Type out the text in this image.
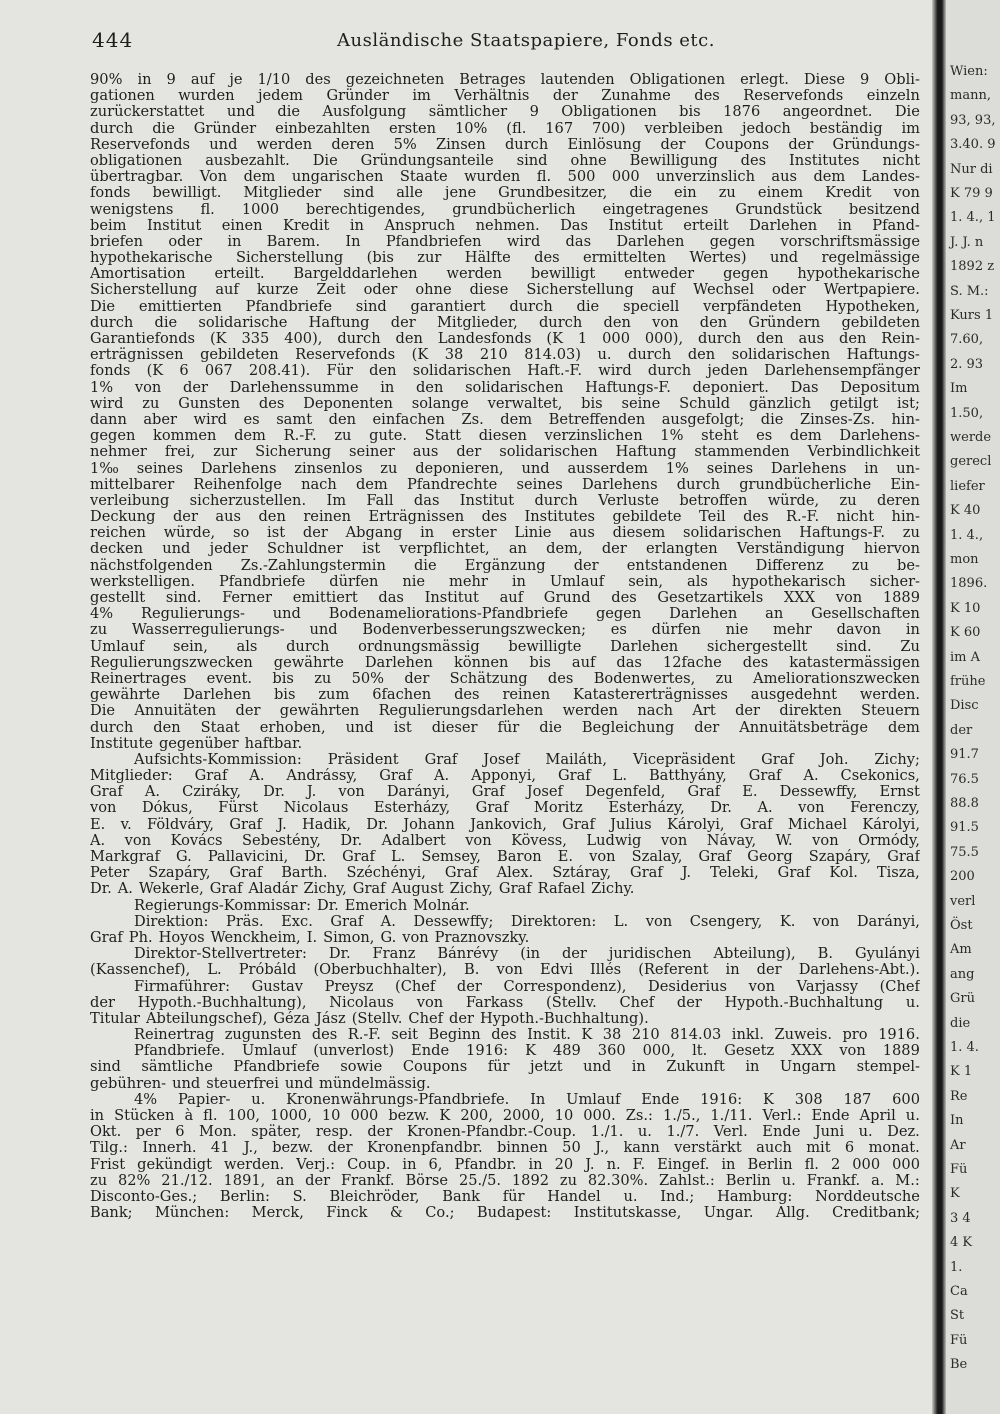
444	Ausländische Staatspapiere, Fonds etc.
90% in 9 auf je 1/10 des gezeichneten Betrages lautenden Obligationen erlegt. Diese 9 Obli-
gationen wurden jedem Gründer im Verhältnis der Zunahme des Reservefonds einzeln
zurückerstattet und die Ausfolgung sämtlicher 9 Obligationen bis 1876 angeordnet. Die
durch die Gründer einbezahlten ersten 10% (fl. 167 700) verbleiben jedoch beständig im
Reservefonds und werden deren 5% Zinsen durch Einlösung der Coupons der Gründungs-
obligationen ausbezahlt. Die Gründungsanteile sind ohne Bewilligung des Institutes nicht
übertragbar. Von dem ungarischen Staate wurden fl. 500 000 unverzinslich aus dem Landes-
fonds bewilligt. Mitglieder sind alle jene Grundbesitzer, die ein zu einem Kredit von
wenigstens fl. 1000 berechtigendes, grundbücherlich eingetragenes Grundstück besitzend
beim Institut einen Kredit in Anspruch nehmen. Das Institut erteilt Darlehen in Pfand-
briefen oder in Barem. In Pfandbriefen wird das Darlehen gegen vorschriftsmässige
hypothekarische Sicherstellung (bis zur Hälfte des ermittelten Wertes) und regelmässige
Amortisation erteilt. Bargelddarlehen werden bewilligt entweder gegen hypothekarische
Sicherstellung auf kurze Zeit oder ohne diese Sicherstellung auf Wechsel oder Wertpapiere.
Die emittierten Pfandbriefe sind garantiert durch die speciell verpfändeten Hypotheken,
durch die solidarische Haftung der Mitglieder, durch den von den Gründern gebildeten
Garantiefonds (K 335 400), durch den Landesfonds (K 1 000 000), durch den aus den Rein-
erträgnissen gebildeten Reservefonds (K 38 210 814.03) u. durch den solidarischen Haftungs-
fonds (K 6 067 208.41). Für den solidarischen Haft.-F. wird durch jeden Darlehensempfänger
1% von der Darlehenssumme in den solidarischen Haftungs-F. deponiert. Das Depositum
wird zu Gunsten des Deponenten solange verwaltet, bis seine Schuld gänzlich getilgt ist;
dann aber wird es samt den einfachen Zs. dem Betreffenden ausgefolgt; die Zinses-Zs. hin-
gegen kommen dem R.-F. zu gute. Statt diesen verzinslichen 1% steht es dem Darlehens-
nehmer frei, zur Sicherung seiner aus der solidarischen Haftung stammenden Verbindlichkeit
1‰ seines Darlehens zinsenlos zu deponieren, und ausserdem 1% seines Darlehens in un-
mittelbarer Reihenfolge nach dem Pfandrechte seines Darlehens durch grundbücherliche Ein-
verleibung sicherzustellen. Im Fall das Institut durch Verluste betroffen würde, zu deren
Deckung der aus den reinen Erträgnissen des Institutes gebildete Teil des R.-F. nicht hin-
reichen würde, so ist der Abgang in erster Linie aus diesem solidarischen Haftungs-F. zu
decken und jeder Schuldner ist verpflichtet, an dem, der erlangten Verständigung hiervon
nächstfolgenden Zs.-Zahlungstermin die Ergänzung der entstandenen Differenz zu be-
werkstelligen. Pfandbriefe dürfen nie mehr in Umlauf sein, als hypothekarisch sicher-
gestellt sind. Ferner emittiert das Institut auf Grund des Gesetzartikels XXX von 1889
4% Regulierungs- und Bodenameliorations-Pfandbriefe gegen Darlehen an Gesellschaften
zu Wasserregulierungs- und Bodenverbesserungszwecken; es dürfen nie mehr davon in
Umlauf sein, als durch ordnungsmässig bewilligte Darlehen sichergestellt sind. Zu
Regulierungszwecken gewährte Darlehen können bis auf das 12fache des katastermässigen
Reinertrages event. bis zu 50% der Schätzung des Bodenwertes, zu Ameliorationszwecken
gewährte Darlehen bis zum 6fachen des reinen Katastererträgnisses ausgedehnt werden.
Die Annuitäten der gewährten Regulierungsdarlehen werden nach Art der direkten Steuern
durch den Staat erhoben, und ist dieser für die Begleichung der Annuitätsbeträge dem
Institute gegenüber haftbar.
Aufsichts-Kommission: Präsident Graf Josef Mailáth, Vicepräsident Graf Joh. Zichy;
Mitglieder: Graf A. Andrássy, Graf A. Apponyi, Graf L. Batthyány, Graf A. Csekonics,
Graf A. Cziráky, Dr. J. von Darányi, Graf Josef Degenfeld, Graf E. Dessewffy, Ernst
von Dókus, Fürst Nicolaus Esterházy, Graf Moritz Esterházy, Dr. A. von Ferenczy,
E. v. Földváry, Graf J. Hadik, Dr. Johann Jankovich, Graf Julius Károlyi, Graf Michael Károlyi,
A. von Kovács Sebestény, Dr. Adalbert von Kövess, Ludwig von Návay, W. von Ormódy,
Markgraf G. Pallavicini, Dr. Graf L. Semsey, Baron E. von Szalay, Graf Georg Szapáry, Graf
Peter Szapáry, Graf Barth. Széchényi, Graf Alex. Sztáray, Graf J. Teleki, Graf Kol. Tisza,
Dr. A. Wekerle, Graf Aladár Zichy, Graf August Zichy, Graf Rafael Zichy.
Regierungs-Kommissar: Dr. Emerich Molnár.
Direktion: Präs. Exc. Graf A. Dessewffy; Direktoren: L. von Csengery, K. von Darányi,
Graf Ph. Hoyos Wenckheim, I. Simon, G. von Praznovszky.
Direktor-Stellvertreter: Dr. Franz Bánrévy (in der juridischen Abteilung), B. Gyulányi
(Kassenchef), L. Próbáld (Oberbuchhalter), B. von Edvi Illés (Referent in der Darlehens-Abt.).
Firmaführer: Gustav Preysz (Chef der Correspondenz), Desiderius von Varjassy (Chef
der Hypoth.-Buchhaltung), Nicolaus von Farkass (Stellv. Chef der Hypoth.-Buchhaltung u.
Titular Abteilungschef), Géza Jász (Stellv. Chef der Hypoth.-Buchhaltung).
Reinertrag zugunsten des R.-F. seit Beginn des Instit. K 38 210 814.03 inkl. Zuweis. pro 1916.
Pfandbriefe. Umlauf (unverlost) Ende 1916: K 489 360 000, lt. Gesetz XXX von 1889
sind sämtliche Pfandbriefe sowie Coupons für jetzt und in Zukunft in Ungarn stempel-
gebühren- und steuerfrei und mündelmässig.
4% Papier- u. Kronenwährungs-Pfandbriefe. In Umlauf Ende 1916: K 308 187 600
in Stücken à fl. 100, 1000, 10 000 bezw. K 200, 2000, 10 000. Zs.: 1./5., 1./11. Verl.: Ende April u.
Okt. per 6 Mon. später, resp. der Kronen-Pfandbr.-Coup. 1./1. u. 1./7. Verl. Ende Juni u. Dez.
Tilg.: Innerh. 41 J., bezw. der Kronenpfandbr. binnen 50 J., kann verstärkt auch mit 6 monat.
Frist gekündigt werden. Verj.: Coup. in 6, Pfandbr. in 20 J. n. F. Eingef. in Berlin fl. 2 000 000
zu 82% 21./12. 1891, an der Frankf. Börse 25./5. 1892 zu 82.30%. Zahlst.: Berlin u. Frankf. a. M.:
Disconto-Ges.; Berlin: S. Bleichröder, Bank für Handel u. Ind.; Hamburg: Norddeutsche
Bank; München: Merck, Finck & Co.; Budapest: Institutskasse, Ungar. Allg. Creditbank;
Wien:
mann,
93, 93,
3.40. 9
Nur di
K 79 9
1. 4., 1
J. J. n
1892 z
S. M.:
Kurs 1
7.60,
2. 93
Im
1.50,
werde
gerecl
liefer
K 40
1. 4.,
mon
1896.
K 10
K 60
im A
frühe
Disc
der
91.7
76.5
88.8
91.5
75.5
200
verl
Öst
Am
ang
Grü
die
1. 4.
K 1
Re
In
Ar
Fü
K
3 4
4 K
1.
Ca
St
Fü
Be
